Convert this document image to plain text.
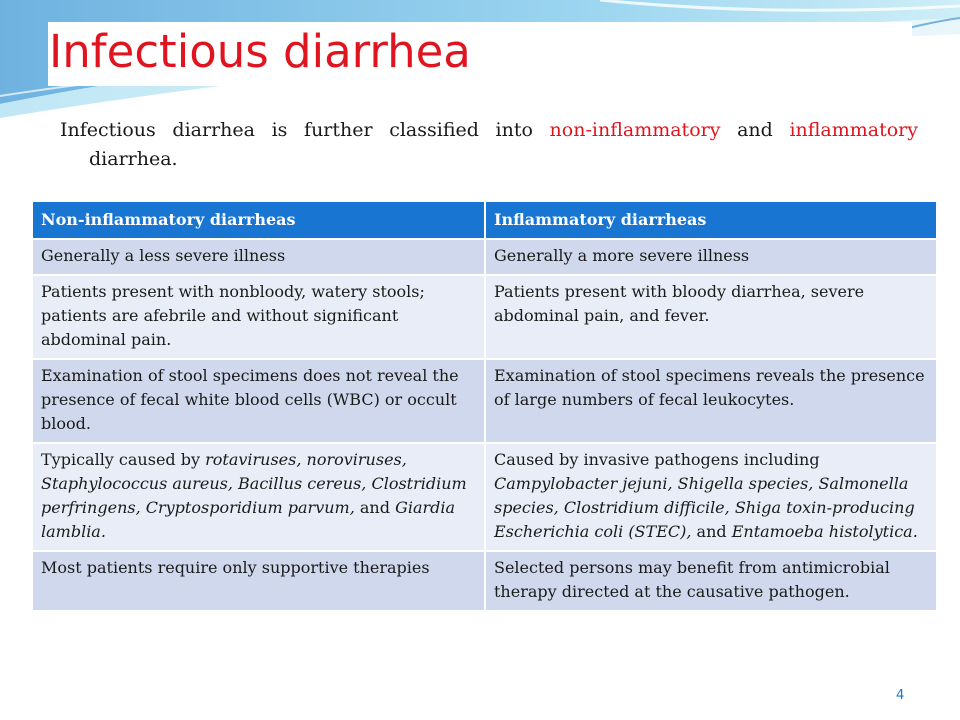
Infectious diarrhea

Infectious diarrhea is further classified into non-inflammatory and inflammatory diarrhea.

Non-inflammatory diarrheas	Inflammatory diarrheas
Generally a less severe illness	Generally a more severe illness
Patients present with nonbloody, watery stools; patients are afebrile and without significant abdominal pain.	Patients present with bloody diarrhea, severe abdominal pain, and fever.
Examination of stool specimens does not reveal the presence of fecal white blood cells (WBC) or occult blood.	Examination of stool specimens reveals the presence of large numbers of fecal leukocytes.
Typically caused by rotaviruses, noroviruses, Staphylococcus aureus, Bacillus cereus, Clostridium perfringens, Cryptosporidium parvum, and Giardia lamblia.	Caused by invasive pathogens including Campylobacter jejuni, Shigella species, Salmonella species, Clostridium difficile, Shiga toxin-producing Escherichia coli (STEC), and Entamoeba histolytica.
Most patients require only supportive therapies	Selected persons may benefit from antimicrobial therapy directed at the causative pathogen.
4
